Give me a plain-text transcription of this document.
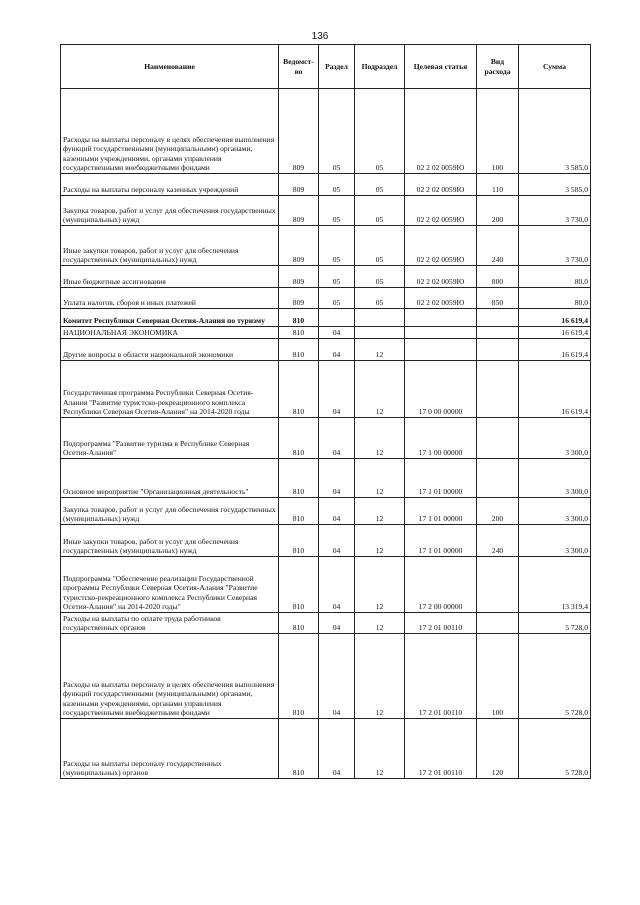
136
Наименование	Ведомст-во	Раздел	Подраздел	Целевая статья	Вид расхода	Сумма
Расходы на выплаты персоналу в целях обеспечения выполнения функций государственными (муниципальными) органами, казенными учреждениями, органами управления государственными внебюджетными фондами	809	05	05	02 2 02 0059Ю	100	3 585,0
Расходы на выплаты персоналу казенных учреждений	809	05	05	02 2 02 0059Ю	110	3 585,0
Закупка товаров, работ и услуг для обеспечения государственных (муниципальных) нужд	809	05	05	02 2 02 0059Ю	200	3 730,0
Иные закупки товаров, работ и услуг для обеспечения государственных (муниципальных) нужд	809	05	05	02 2 02 0059Ю	240	3 730,0
Иные бюджетные ассигнования	809	05	05	02 2 02 0059Ю	800	80,0
Уплата налогов, сборов и иных платежей	809	05	05	02 2 02 0059Ю	850	80,0
Комитет Республики Северная Осетия-Алания по туризму	810					16 619,4
НАЦИОНАЛЬНАЯ ЭКОНОМИКА	810	04				16 619,4
Другие вопросы в области национальной экономики	810	04	12			16 619,4
Государственная программа Республики Северная Осетия-Алания "Развитие туристско-рекреационного комплекса Республики Северная Осетия-Алания" на 2014-2020 годы	810	04	12	17 0 00 00000		16 619,4
Подпрограмма "Развитие туризма в Республике Северная Осетия-Алания"	810	04	12	17 1 00 00000		3 300,0
Основное мероприятие "Организационная деятельность"	810	04	12	17 1 01 00000		3 300,0
Закупка товаров, работ и услуг для обеспечения государственных (муниципальных) нужд	810	04	12	17 1 01 00000	200	3 300,0
Иные закупки товаров, работ и услуг для обеспечения государственных (муниципальных) нужд	810	04	12	17 1 01 00000	240	3 300,0
Подпрограмма "Обеспечение реализации Государственной программы Республики Северная Осетия-Алания "Развитие туристско-рекреационного комплекса Республики Северная Осетия-Алания" на 2014-2020 годы"	810	04	12	17 2 00 00000		13 319,4
Расходы на выплаты по оплате труда работников государственных органов	810	04	12	17 2 01 00110		5 728,0
Расходы на выплаты персоналу в целях обеспечения выполнения функций государственными (муниципальными) органами, казенными учреждениями, органами управления государственными внебюджетными фондами	810	04	12	17 2 01 00110	100	5 728,0
Расходы на выплаты персоналу государственных (муниципальных) органов	810	04	12	17 2 01 00110	120	5 728,0
